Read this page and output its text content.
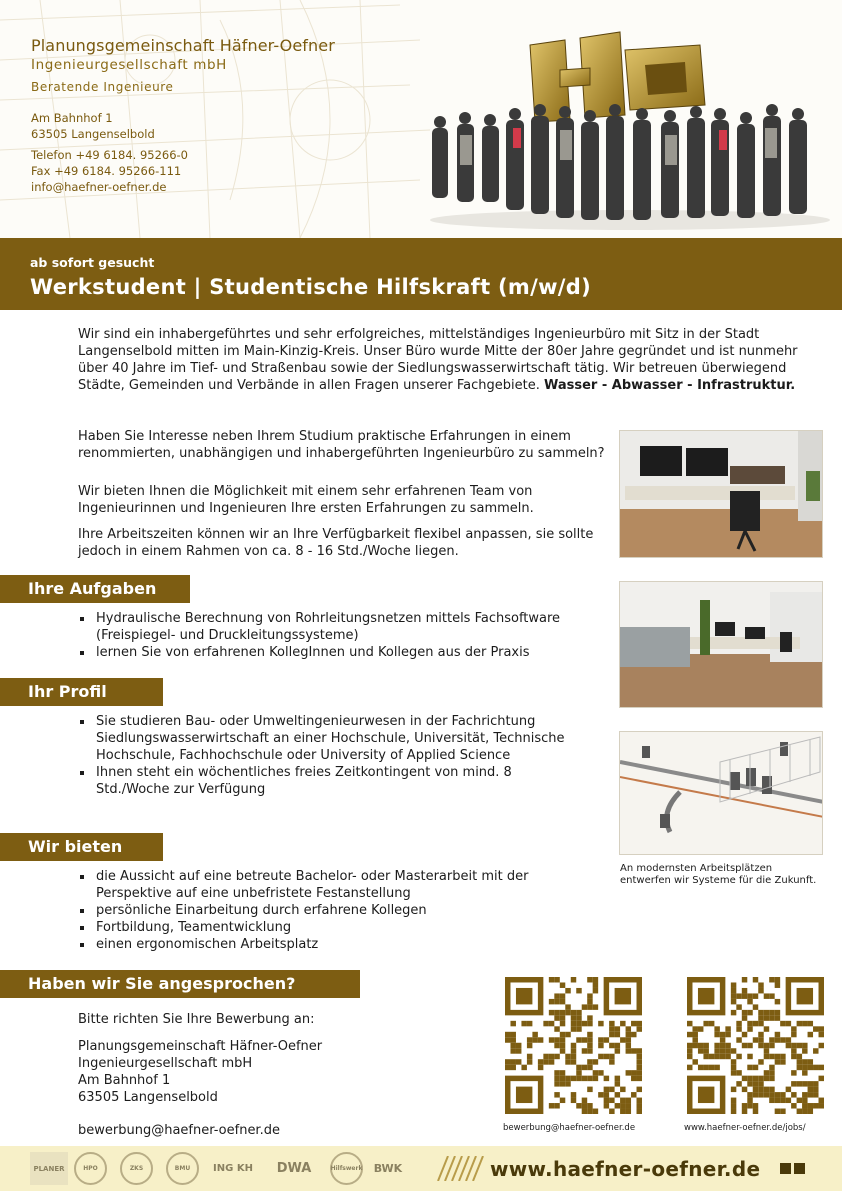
Planungsgemeinschaft Häfner-Oefner
Ingenieurgesellschaft mbH
Beratende Ingenieure
Am Bahnhof 1
63505 Langenselbold
Telefon +49 6184. 95266-0
Fax +49 6184. 95266-111
info@haefner-oefner.de
ab sofort gesucht
Werkstudent | Studentische Hilfskraft (m/w/d)
Wir sind ein inhabergeführtes und sehr erfolgreiches, mittelständiges Ingenieurbüro mit Sitz in der Stadt Langenselbold mitten im Main-Kinzig-Kreis. Unser Büro wurde Mitte der 80er Jahre gegründet und ist nunmehr über 40 Jahre im Tief- und Straßenbau sowie der Siedlungswasserwirtschaft tätig. Wir betreuen überwiegend Städte, Gemeinden und Verbände in allen Fragen unserer Fachgebiete. Wasser - Abwasser - Infrastruktur.
Haben Sie Interesse neben Ihrem Studium praktische Erfahrungen in einem renommierten, unabhängigen und inhabergeführten Ingenieurbüro zu sammeln?
Wir bieten Ihnen die Möglichkeit mit einem sehr erfahrenen Team von Ingenieurinnen und Ingenieuren Ihre ersten Erfahrungen zu sammeln.
Ihre Arbeitszeiten können wir an Ihre Verfügbarkeit flexibel anpassen, sie sollte jedoch in einem Rahmen von ca. 8 - 16 Std./Woche liegen.
Ihre Aufgaben
Hydraulische Berechnung von Rohrleitungsnetzen mittels Fachsoftware (Freispiegel- und Druckleitungssysteme)
lernen Sie von erfahrenen KollegInnen und Kollegen aus der Praxis
Ihr Profil
Sie studieren Bau- oder Umweltingenieurwesen in der Fachrichtung Siedlungswasserwirtschaft an einer Hochschule, Universität, Technische Hochschule, Fachhochschule oder University of Applied Science
Ihnen steht ein wöchentliches freies Zeitkontingent von mind. 8 Std./Woche zur Verfügung
Wir bieten
die Aussicht auf eine betreute Bachelor- oder Masterarbeit mit der Perspektive auf eine unbefristete Festanstellung
persönliche Einarbeitung durch erfahrene Kollegen
Fortbildung, Teamentwicklung
einen ergonomischen Arbeitsplatz
An modernsten Arbeitsplätzen entwerfen wir Systeme für die Zukunft.
Haben wir Sie angesprochen?
Bitte richten Sie Ihre Bewerbung an:
Planungsgemeinschaft Häfner-Oefner
Ingenieurgesellschaft mbH
Am Bahnhof 1
63505 Langenselbold
bewerbung@haefner-oefner.de	bewerbung@haefner-oefner.de	www.haefner-oefner.de/jobs/
PLANER	HPO	ZKS	BMU	ING KH	DWA	Hilfswerk	BWK	www.haefner-oefner.de
